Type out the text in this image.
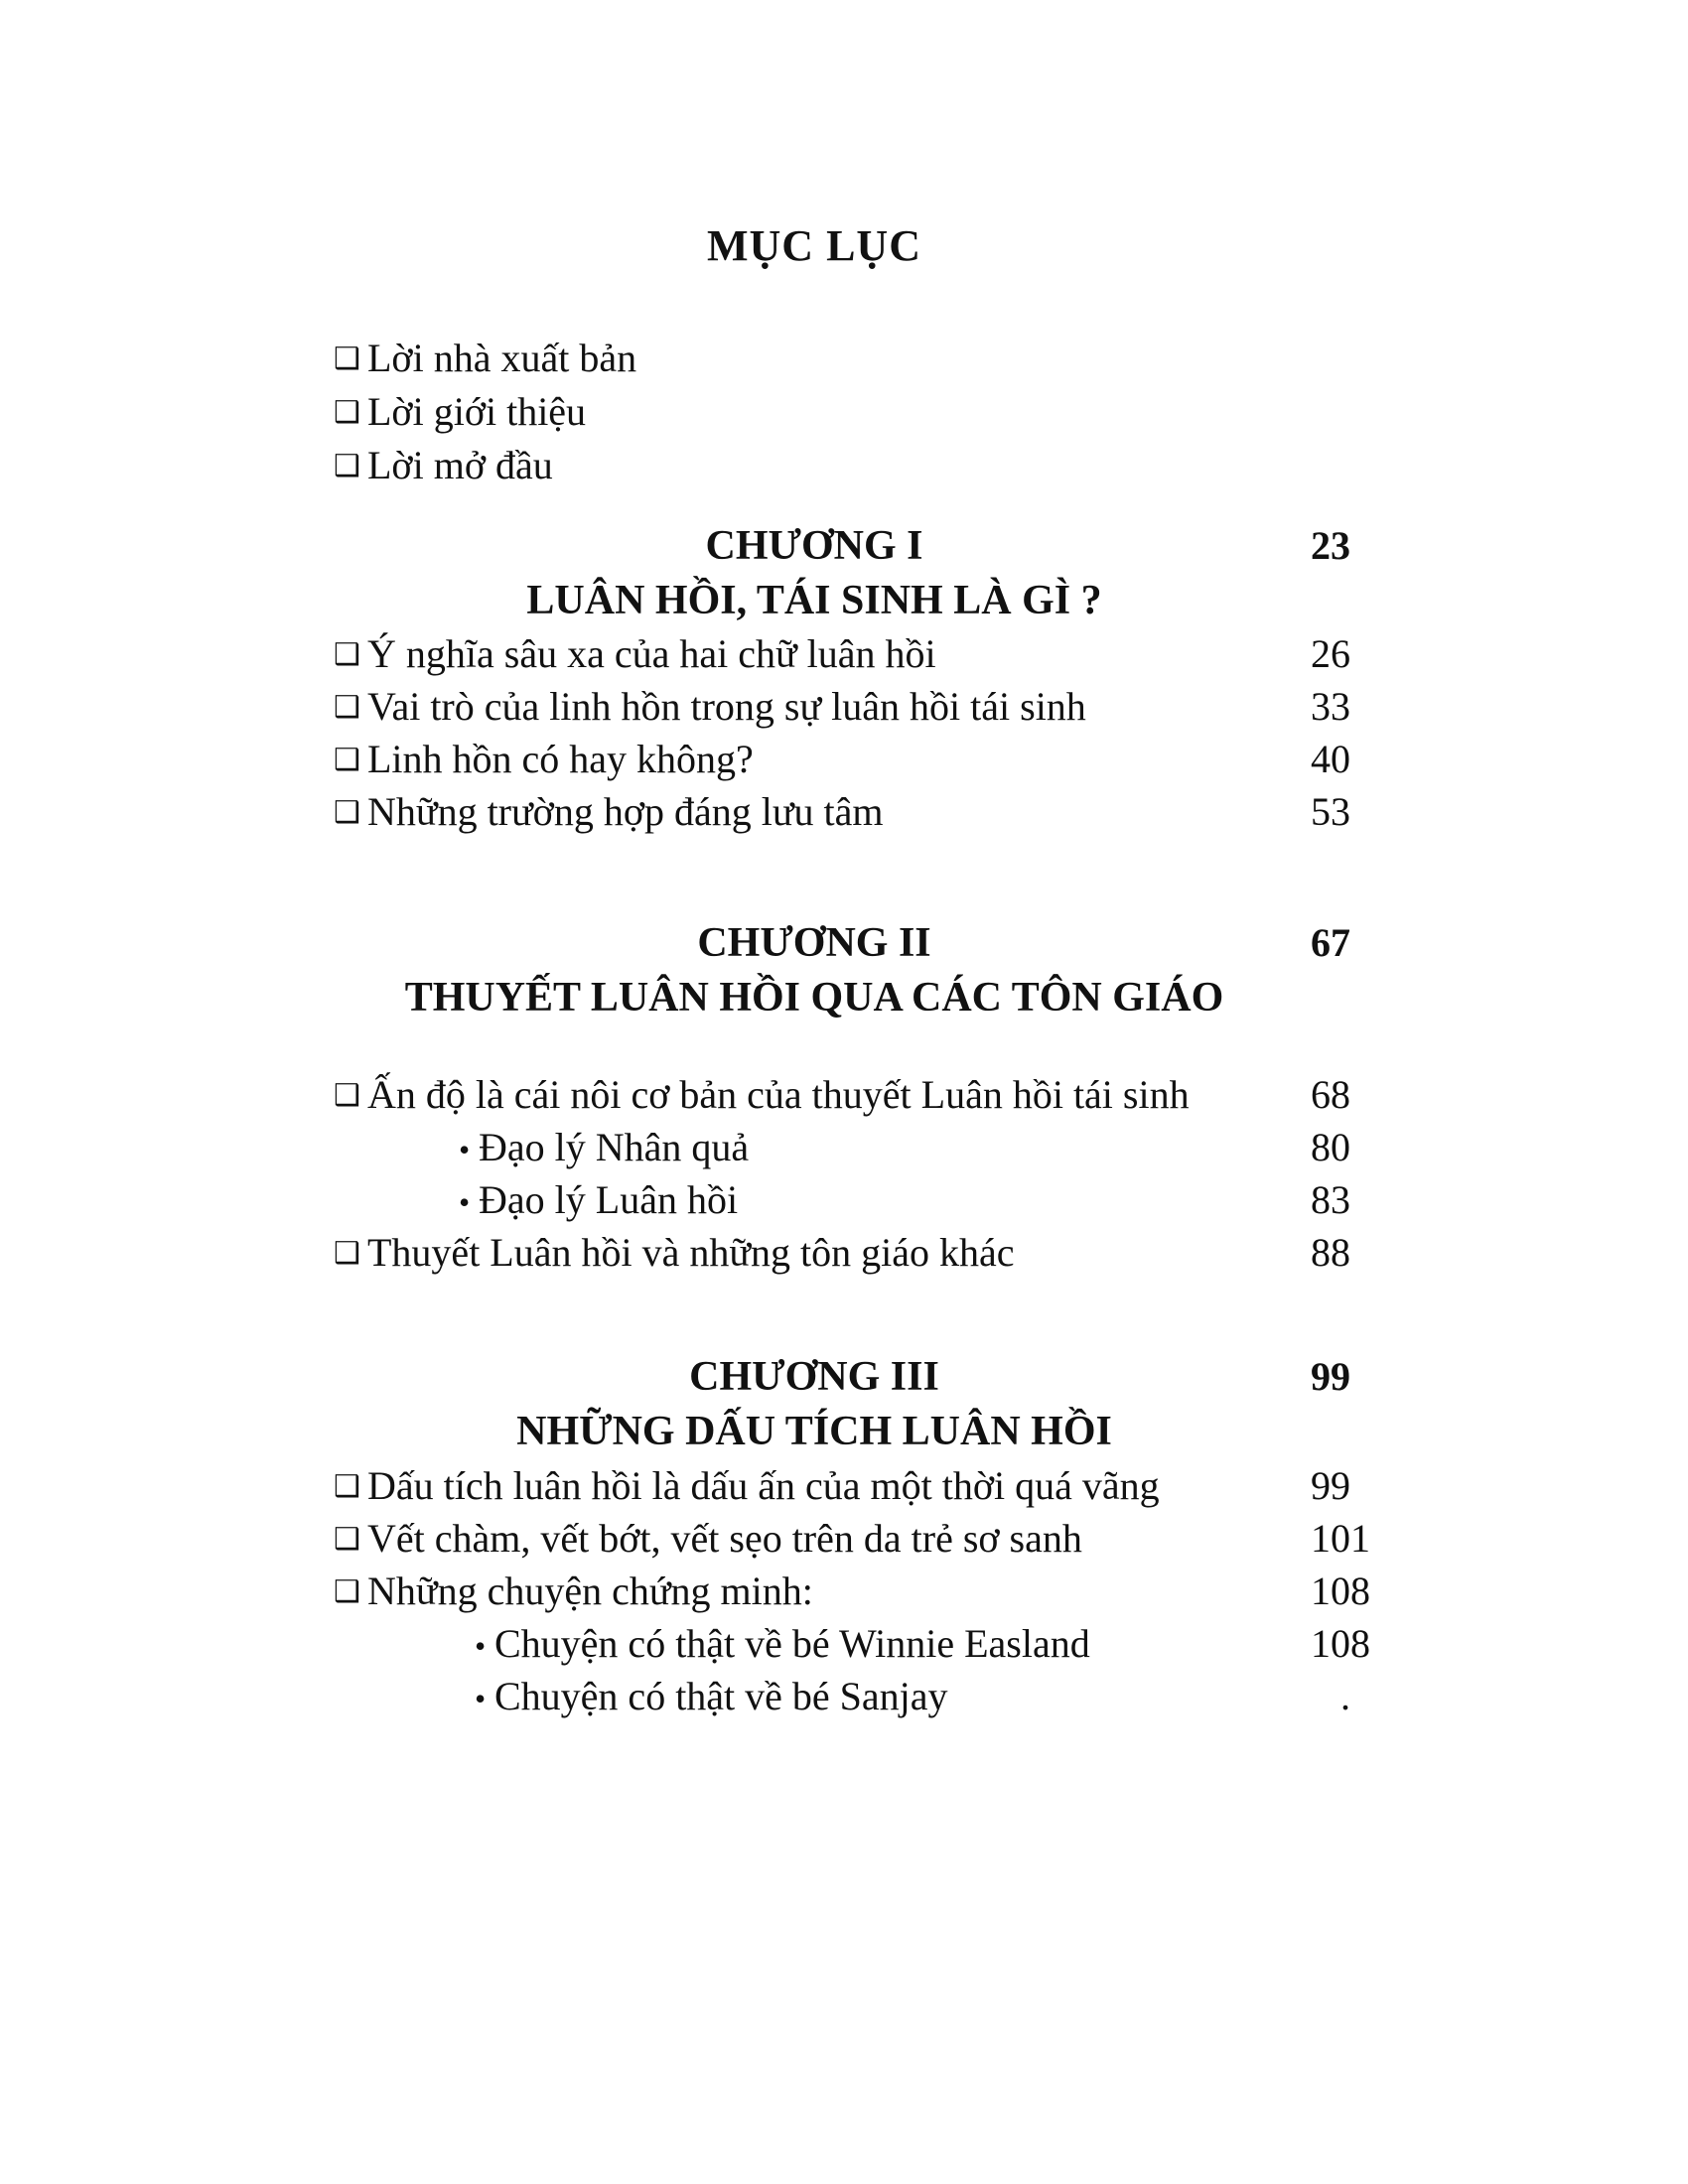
MỤC LỤC
❑ Lời nhà xuất bản
❑ Lời giới thiệu
❑ Lời mở đầu
CHƯƠNG I	23
LUÂN HỒI, TÁI SINH LÀ GÌ ?
❑ Ý nghĩa sâu xa của hai chữ luân hồi	26
❑ Vai trò của linh hồn trong sự luân hồi tái sinh	33
❑ Linh hồn có hay không?	40
❑ Những trường hợp đáng lưu tâm	53
CHƯƠNG II	67
THUYẾT LUÂN HỒI QUA CÁC TÔN GIÁO
❑ Ấn độ là cái nôi cơ bản của thuyết Luân hồi tái sinh	68
• Đạo lý Nhân quả	80
• Đạo lý Luân hồi	83
❑ Thuyết Luân hồi và những tôn giáo khác	88
CHƯƠNG III	99
NHỮNG DẤU TÍCH LUÂN HỒI
❑ Dấu tích luân hồi là dấu ấn của một thời quá vãng	99
❑ Vết chàm, vết bớt, vết sẹo trên da trẻ sơ sanh	101
❑ Những chuyện chứng minh:	108
• Chuyện có thật về bé Winnie Easland	108
• Chuyện có thật về bé Sanjay	.
